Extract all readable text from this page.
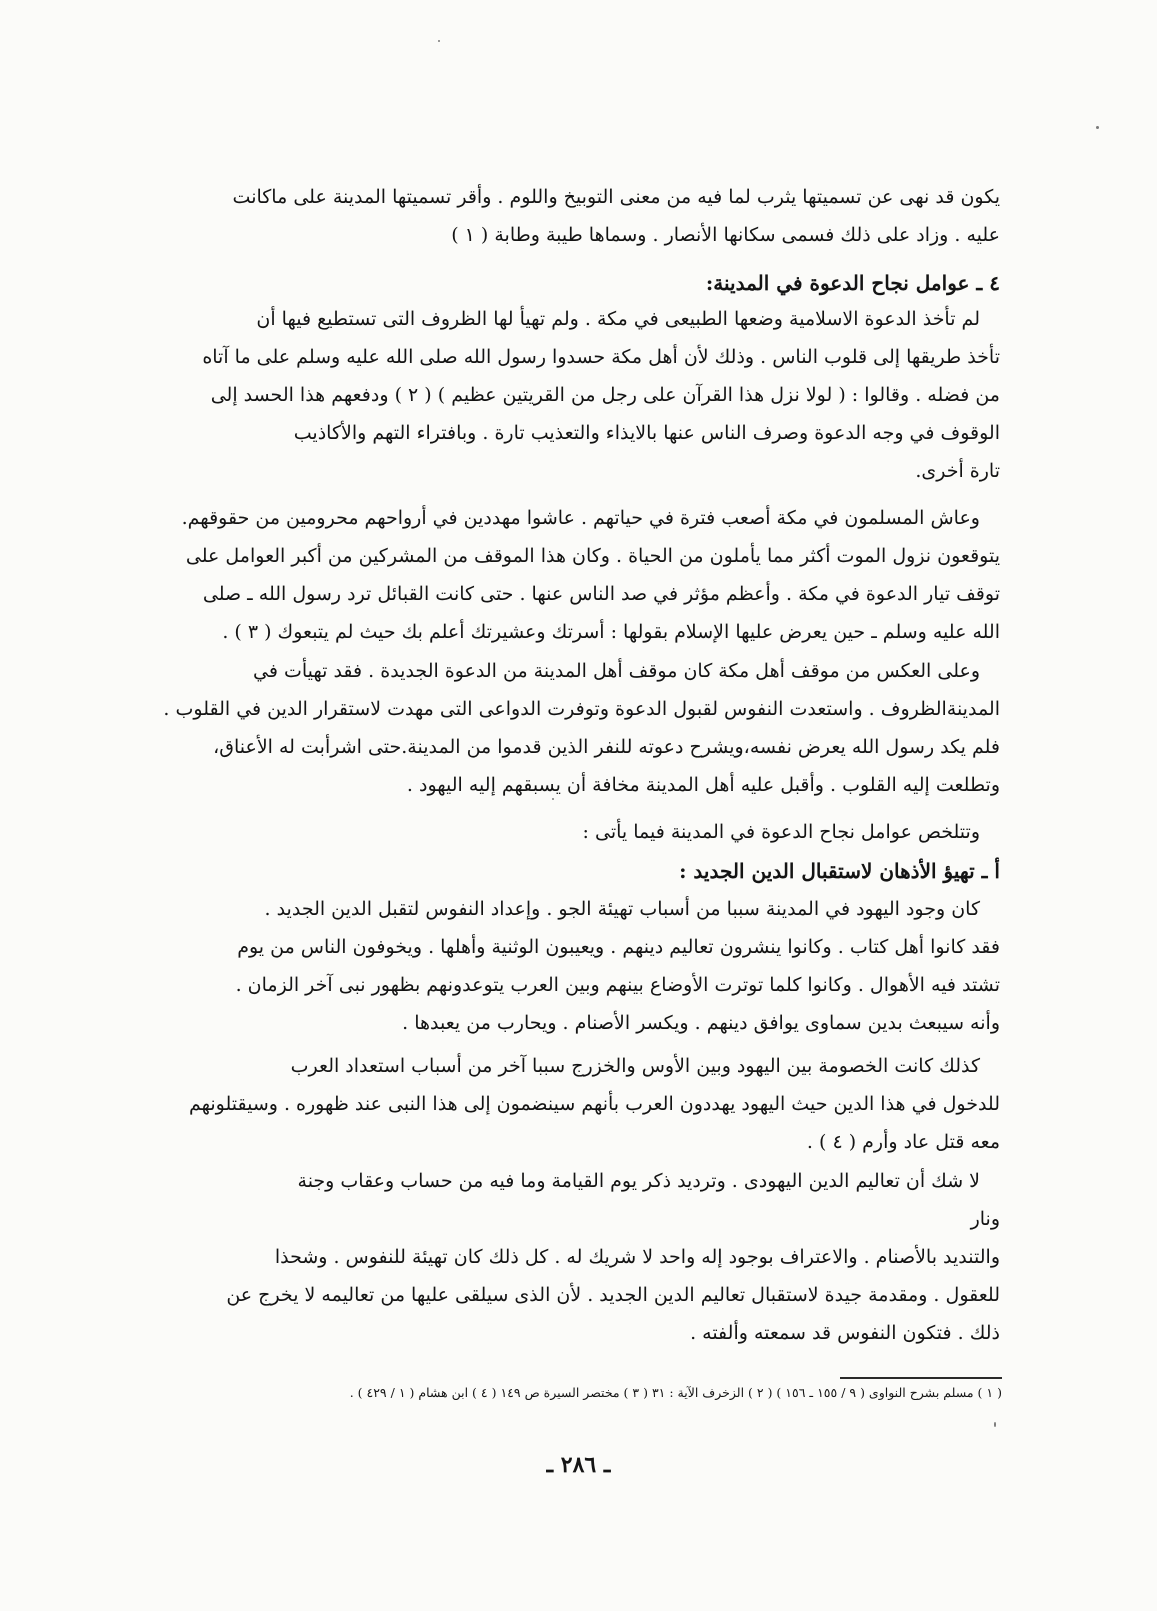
يكون قد نهى عن تسميتها يثرب لما فيه من معنى التوبيخ واللوم . وأقر تسميتها المدينة على ماكانت
عليه . وزاد على ذلك فسمى سكانها الأنصار . وسماها طيبة وطابة ( ١ )
٤ ـ عوامل نجاح الدعوة في المدينة:
لم تأخذ الدعوة الاسلامية وضعها الطبيعى في مكة . ولم تهيأ لها الظروف التى تستطيع فيها أن
تأخذ طريقها إلى قلوب الناس . وذلك لأن أهل مكة حسدوا رسول الله صلى الله عليه وسلم على ما آتاه
من فضله . وقالوا : ( لولا نزل هذا القرآن على رجل من القريتين عظيم ) ( ٢ ) ودفعهم هذا الحسد إلى
الوقوف في وجه الدعوة وصرف الناس عنها بالايذاء والتعذيب تارة . وبافتراء التهم والأكاذيب
تارة أخرى.
وعاش المسلمون في مكة أصعب فترة في حياتهم . عاشوا مهددين في أرواحهم محرومين من حقوقهم.
يتوقعون نزول الموت أكثر مما يأملون من الحياة . وكان هذا الموقف من المشركين من أكبر العوامل على
توقف تيار الدعوة في مكة . وأعظم مؤثر في صد الناس عنها . حتى كانت القبائل ترد رسول الله ـ صلى
الله عليه وسلم ـ حين يعرض عليها الإسلام بقولها : أسرتك وعشيرتك أعلم بك حيث لم يتبعوك ( ٣ ) .
وعلى العكس من موقف أهل مكة كان موقف أهل المدينة من الدعوة الجديدة . فقد تهيأت في
المدينةالظروف . واستعدت النفوس لقبول الدعوة وتوفرت الدواعى التى مهدت لاستقرار الدين في القلوب .
فلم يكد رسول الله يعرض نفسه،ويشرح دعوته للنفر الذين قدموا من المدينة.حتى اشرأبت له الأعناق،
وتطلعت إليه القلوب . وأقبل عليه أهل المدينة مخافة أن يسبقهم إليه اليهود .
وتتلخص عوامل نجاح الدعوة في المدينة فيما يأتى :
أ ـ تهيؤ الأذهان لاستقبال الدين الجديد :
كان وجود اليهود في المدينة سببا من أسباب تهيئة الجو . وإعداد النفوس لتقبل الدين الجديد .
فقد كانوا أهل كتاب . وكانوا ينشرون تعاليم دينهم . ويعيبون الوثنية وأهلها . ويخوفون الناس من يوم
تشتد فيه الأهوال . وكانوا كلما توترت الأوضاع بينهم وبين العرب يتوعدونهم بظهور نبى آخر الزمان .
وأنه سيبعث بدين سماوى يوافق دينهم . ويكسر الأصنام . ويحارب من يعبدها .
كذلك كانت الخصومة بين اليهود وبين الأوس والخزرج سببا آخر من أسباب استعداد العرب
للدخول في هذا الدين حيث اليهود يهددون العرب بأنهم سينضمون إلى هذا النبى عند ظهوره . وسيقتلونهم
معه قتل عاد وأرم ( ٤ ) .
لا شك أن تعاليم الدين اليهودى . وترديد ذكر يوم القيامة وما فيه من حساب وعقاب وجنة
ونار
والتنديد بالأصنام . والاعتراف بوجود إله واحد لا شريك له . كل ذلك كان تهيئة للنفوس . وشحذا
للعقول . ومقدمة جيدة لاستقبال تعاليم الدين الجديد . لأن الذى سيلقى عليها من تعاليمه لا يخرج عن
ذلك . فتكون النفوس قد سمعته وألفته .
( ١ ) مسلم بشرح النواوى ( ٩ / ١٥٥ ـ ١٥٦ ) ( ٢ ) الزخرف الآية : ٣١ ( ٣ ) مختصر السيرة ص ١٤٩ ( ٤ ) ابن هشام ( ١ / ٤٢٩ ) .
ـ ٢٨٦ ـ
